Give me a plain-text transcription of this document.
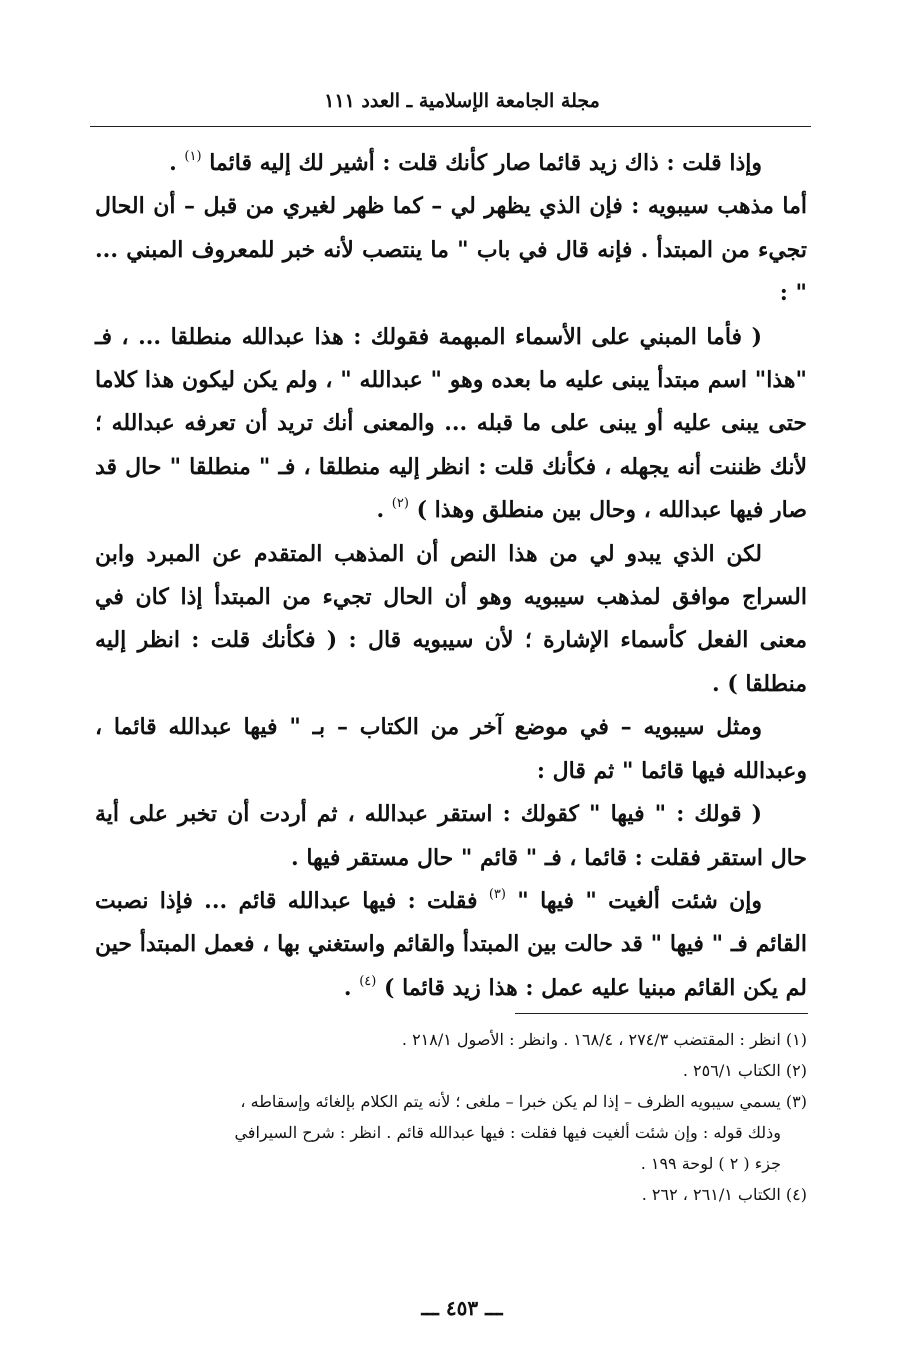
مجلة الجامعة الإسلامية ـ العدد ١١١

وإذا قلت : ذاك زيد قائما صار كأنك قلت : أشير لك إليه قائما $^{(١)}$ .

أما مذهب سيبويه : فإن الذي يظهر لي – كما ظهر لغيري من قبل – أن الحال تجيء من المبتدأ . فإنه قال في باب " ما ينتصب لأنه خبر للمعروف المبني ... " :

( فأما المبني على الأسماء المبهمة فقولك : هذا عبدالله منطلقا ... ، فـ "هذا" اسم مبتدأ يبنى عليه ما بعده وهو " عبدالله " ، ولم يكن ليكون هذا كلاما حتى يبنى عليه أو يبنى على ما قبله ... والمعنى أنك تريد أن تعرفه عبدالله ؛ لأنك ظننت أنه يجهله ، فكأنك قلت : انظر إليه منطلقا ، فـ " منطلقا " حال قد صار فيها عبدالله ، وحال بين منطلق وهذا ) $^{(٢)}$ .

لكن الذي يبدو لي من هذا النص أن المذهب المتقدم عن المبرد وابن السراج موافق لمذهب سيبويه وهو أن الحال تجيء من المبتدأ إذا كان في معنى الفعل كأسماء الإشارة ؛ لأن سيبويه قال : ( فكأنك قلت : انظر إليه منطلقا ) .

ومثل سيبويه – في موضع آخر من الكتاب – بـ " فيها عبدالله قائما ، وعبدالله فيها قائما " ثم قال :

( قولك : " فيها " كقولك : استقر عبدالله ، ثم أردت أن تخبر على أية حال استقر فقلت : قائما ، فـ " قائم " حال مستقر فيها .

وإن شئت ألغيت " فيها " $^{(٣)}$ فقلت : فيها عبدالله قائم ... فإذا نصبت القائم فـ " فيها " قد حالت بين المبتدأ والقائم واستغني بها ، فعمل المبتدأ حين لم يكن القائم مبنيا عليه عمل : هذا زيد قائما ) $^{(٤)}$ .

(١) انظر : المقتضب ٢٧٤/٣ ، ١٦٨/٤ . وانظر : الأصول ٢١٨/١ .

(٢) الكتاب ٢٥٦/١ .

(٣) يسمي سيبويه الظرف – إذا لم يكن خبرا – ملغى ؛ لأنه يتم الكلام بإلغائه وإسقاطه ،

وذلك قوله : وإن شئت ألغيت فيها فقلت : فيها عبدالله قائم . انظر : شرح السيرافي

جزء ( ٢ ) لوحة ١٩٩ .

(٤) الكتاب ٢٦١/١ ، ٢٦٢ .

ـــ ٤٥٣ ـــ
